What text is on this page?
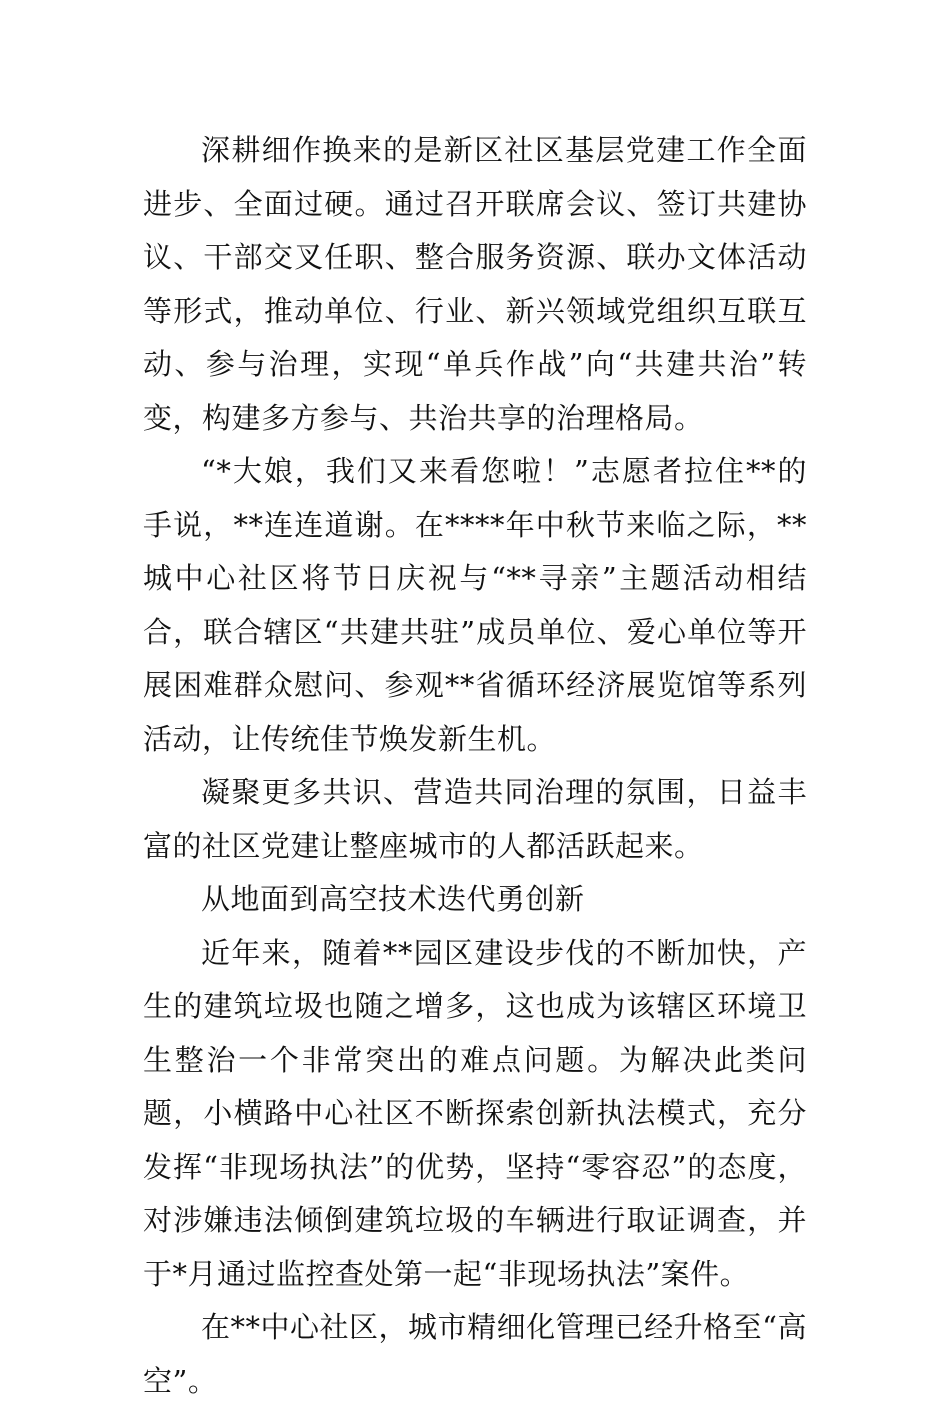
深耕细作换来的是新区社区基层党建工作全面进步、全面过硬。通过召开联席会议、签订共建协议、干部交叉任职、整合服务资源、联办文体活动等形式，推动单位、行业、新兴领域党组织互联互动、参与治理，实现“单兵作战”向“共建共治”转变，构建多方参与、共治共享的治理格局。

“*大娘，我们又来看您啦！”志愿者拉住**的手说，**连连道谢。在****年中秋节来临之际，**城中心社区将节日庆祝与“**寻亲”主题活动相结合，联合辖区“共建共驻”成员单位、爱心单位等开展困难群众慰问、参观**省循环经济展览馆等系列活动，让传统佳节焕发新生机。

凝聚更多共识、营造共同治理的氛围，日益丰富的社区党建让整座城市的人都活跃起来。

从地面到高空技术迭代勇创新

近年来，随着**园区建设步伐的不断加快，产生的建筑垃圾也随之增多，这也成为该辖区环境卫生整治一个非常突出的难点问题。为解决此类问题，小横路中心社区不断探索创新执法模式，充分发挥“非现场执法”的优势，坚持“零容忍”的态度，对涉嫌违法倾倒建筑垃圾的车辆进行取证调查，并于*月通过监控查处第一起“非现场执法”案件。

在**中心社区，城市精细化管理已经升格至“高空”。
